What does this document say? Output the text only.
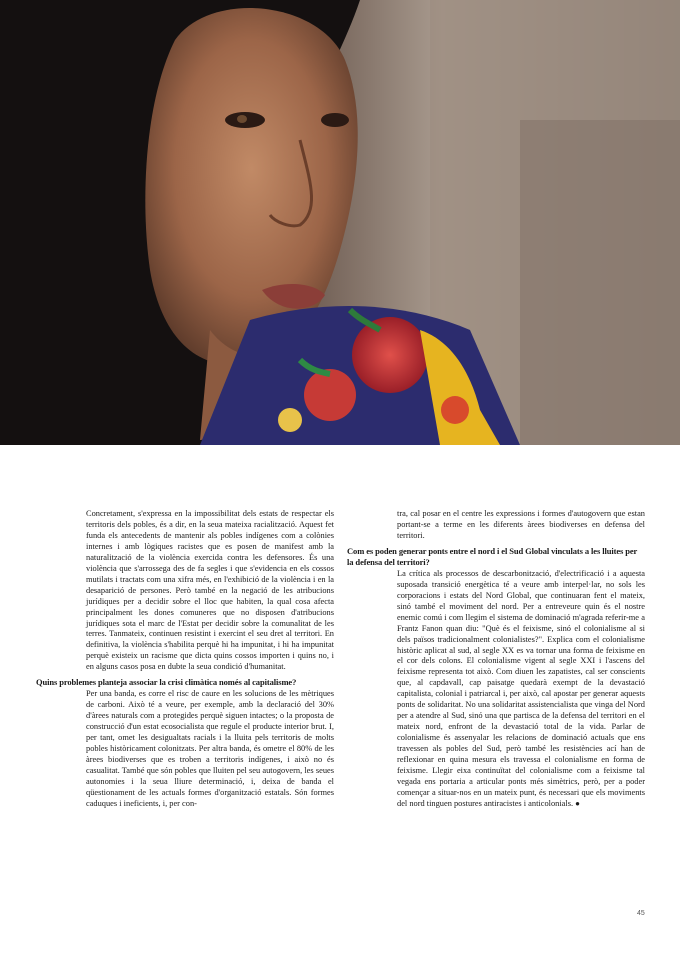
Concretament, s'expressa en la impossibilitat dels estats de respectar els territoris dels pobles, és a dir, en la seua mateixa racialització. Aquest fet funda els antecedents de mantenir als pobles indígenes com a colònies internes i amb lògiques racistes que es posen de manifest amb la naturalització de la violència exercida contra les defensores. És una violència que s'arrossega des de fa segles i que s'evidencia en els cossos mutilats i tractats com una xifra més, en l'exhibició de la violència i en la desaparició de persones. Però també en la negació de les atribucions jurídiques per a decidir sobre el lloc que habiten, la qual cosa afecta principalment les dones comuneres que no disposen d'atribucions jurídiques sota el marc de l'Estat per decidir sobre la comunalitat de les terres. Tanmateix, continuen resistint i exercint el seu dret al territori. En definitiva, la violència s'habilita perquè hi ha impunitat, i hi ha impunitat perquè existeix un racisme que dicta quins cossos importen i quins no, i en alguns casos posa en dubte la seua condició d'humanitat.

Quins problemes planteja associar la crisi climàtica només al capitalisme?

Per una banda, es corre el risc de caure en les solucions de les mètriques de carboni. Això té a veure, per exemple, amb la declaració del 30% d'àrees naturals com a protegides perquè siguen intactes; o la proposta de construcció d'un estat ecosocialista que regule el producte interior brut. I, per tant, omet les desigualtats racials i la lluita pels territoris de molts pobles històricament colonitzats. Per altra banda, és ometre el 80% de les àrees biodiverses que es troben a territoris indígenes, i això no és casualitat. També que són pobles que lluiten pel seu autogovern, les seues autonomies i la seua lliure determinació, i, deixa de banda el qüestionament de les actuals formes d'organització estatals. Són formes caduques i ineficients, i, per con-

tra, cal posar en el centre les expressions i formes d'autogovern que estan portant-se a terme en les diferents àrees biodiverses en defensa del territori.

Com es poden generar ponts entre el nord i el Sud Global vinculats a les lluites per la defensa del territori?

La crítica als processos de descarbonització, d'electrificació i a aquesta suposada transició energètica té a veure amb interpel·lar, no sols les corporacions i estats del Nord Global, que continuaran fent el mateix, sinó també el moviment del nord. Per a entreveure quin és el nostre enemic comú i com llegim el sistema de dominació m'agrada referir-me a Frantz Fanon quan diu: "Què és el feixisme, sinó el colonialisme al si dels països tradicionalment colonialistes?". Explica com el colonialisme històric aplicat al sud, al segle XX es va tornar una forma de feixisme en el cor dels colons. El colonialisme vigent al segle XXI i l'ascens del feixisme representa tot això. Com diuen les zapatistes, cal ser conscients que, al capdavall, cap paisatge quedarà exempt de la devastació capitalista, colonial i patriarcal i, per això, cal apostar per generar aquests ponts de solidaritat. No una solidaritat assistencialista que vinga del Nord per a atendre al Sud, sinó una que partisca de la defensa del territori en el mateix nord, enfront de la devastació total de la vida. Parlar de colonialisme és assenyalar les relacions de dominació actuals que ens travessen als pobles del Sud, però també les resistències ací han de reflexionar en quina mesura els travessa el colonialisme en forma de feixisme. Llegir eixa continuïtat del colonialisme com a feixisme tal vegada ens portaria a articular ponts més simètrics, però, per a poder començar a situar-nos en un mateix punt, és necessari que els moviments del nord tinguen postures antiracistes i anticolonials. ●

45
